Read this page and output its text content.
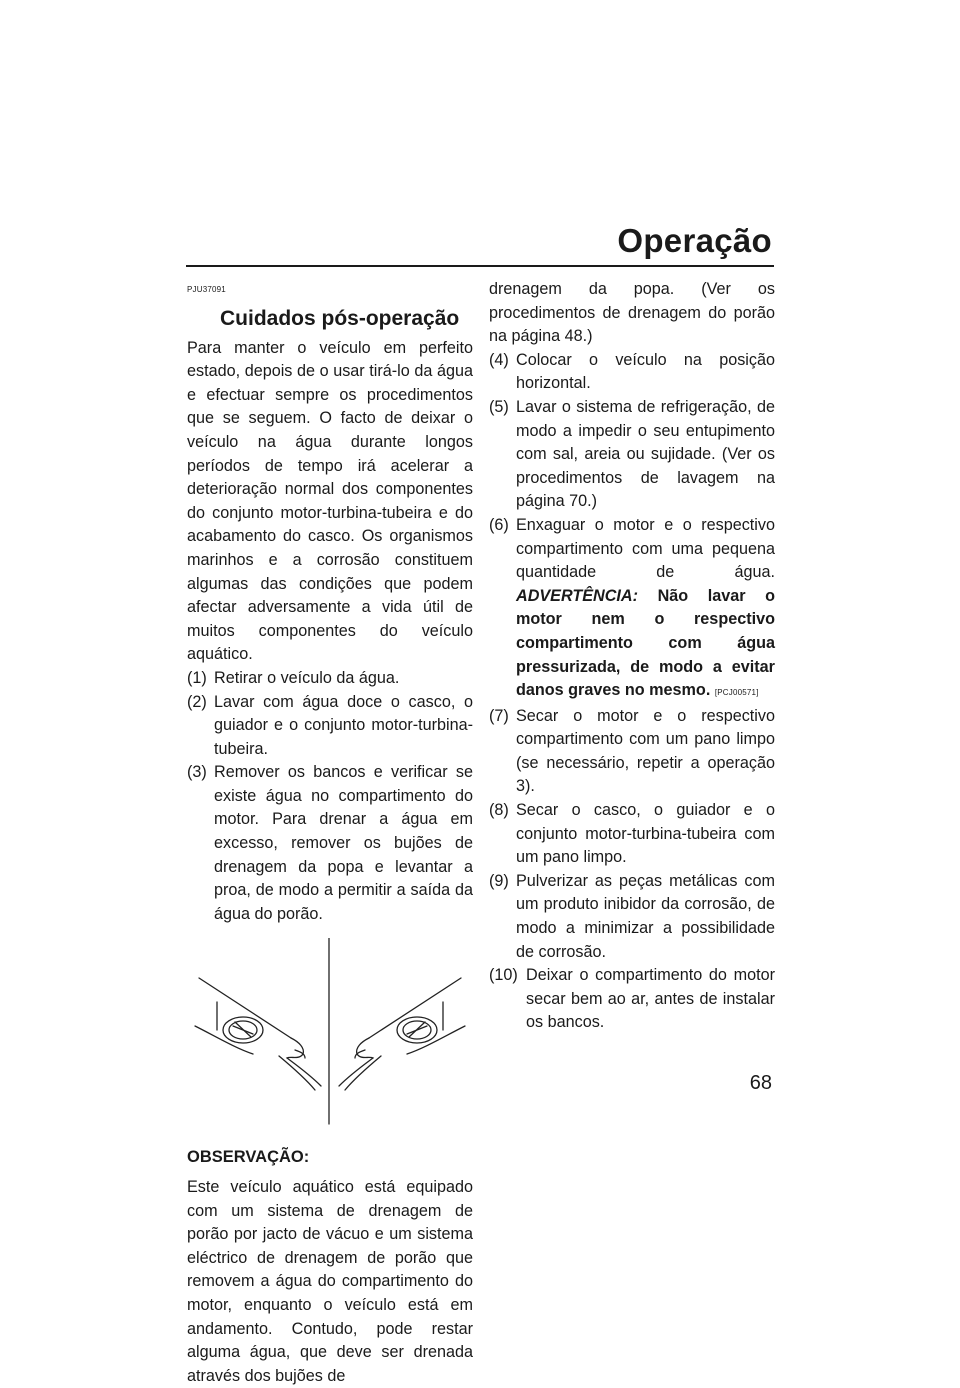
Operação
PJU37091
Cuidados pós-operação

Para manter o veículo em perfeito estado, depois de o usar tirá-lo da água e efectuar sempre os procedimentos que se seguem. O facto de deixar o veículo na água durante longos períodos de tempo irá acelerar a deterioração normal dos componentes do conjunto motor-turbina-tubeira e do acabamento do casco. Os organismos marinhos e a corrosão constituem algumas das condições que podem afectar adversamente a vida útil de muitos componentes do veículo aquático.

(1) Retirar o veículo da água.
(2) Lavar com água doce o casco, o guiador e o conjunto motor-turbina-tubeira.
(3) Remover os bancos e verificar se existe água no compartimento do motor. Para drenar a água em excesso, remover os bujões de drenagem da popa e levantar a proa, de modo a permitir a saída da água do porão.
OBSERVAÇÃO:

Este veículo aquático está equipado com um sistema de drenagem de porão por jacto de vácuo e um sistema eléctrico de drenagem de porão que removem a água do compartimento do motor, enquanto o veículo está em andamento. Contudo, pode restar alguma água, que deve ser drenada através dos bujões de

drenagem da popa. (Ver os procedimentos de drenagem do porão na página 48.)

(4) Colocar o veículo na posição horizontal.
(5) Lavar o sistema de refrigeração, de modo a impedir o seu entupimento com sal, areia ou sujidade. (Ver os procedimentos de lavagem na página 70.)
(6) Enxaguar o motor e o respectivo compartimento com uma pequena quantidade de água. ADVERTÊNCIA: Não lavar o motor nem o respectivo compartimento com água pressurizada, de modo a evitar danos graves no mesmo. [PCJ00571]
(7) Secar o motor e o respectivo compartimento com um pano limpo (se necessário, repetir a operação 3).
(8) Secar o casco, o guiador e o conjunto motor-turbina-tubeira com um pano limpo.
(9) Pulverizar as peças metálicas com um produto inibidor da corrosão, de modo a minimizar a possibilidade de corrosão.
(10) Deixar o compartimento do motor secar bem ao ar, antes de instalar os bancos.
68
